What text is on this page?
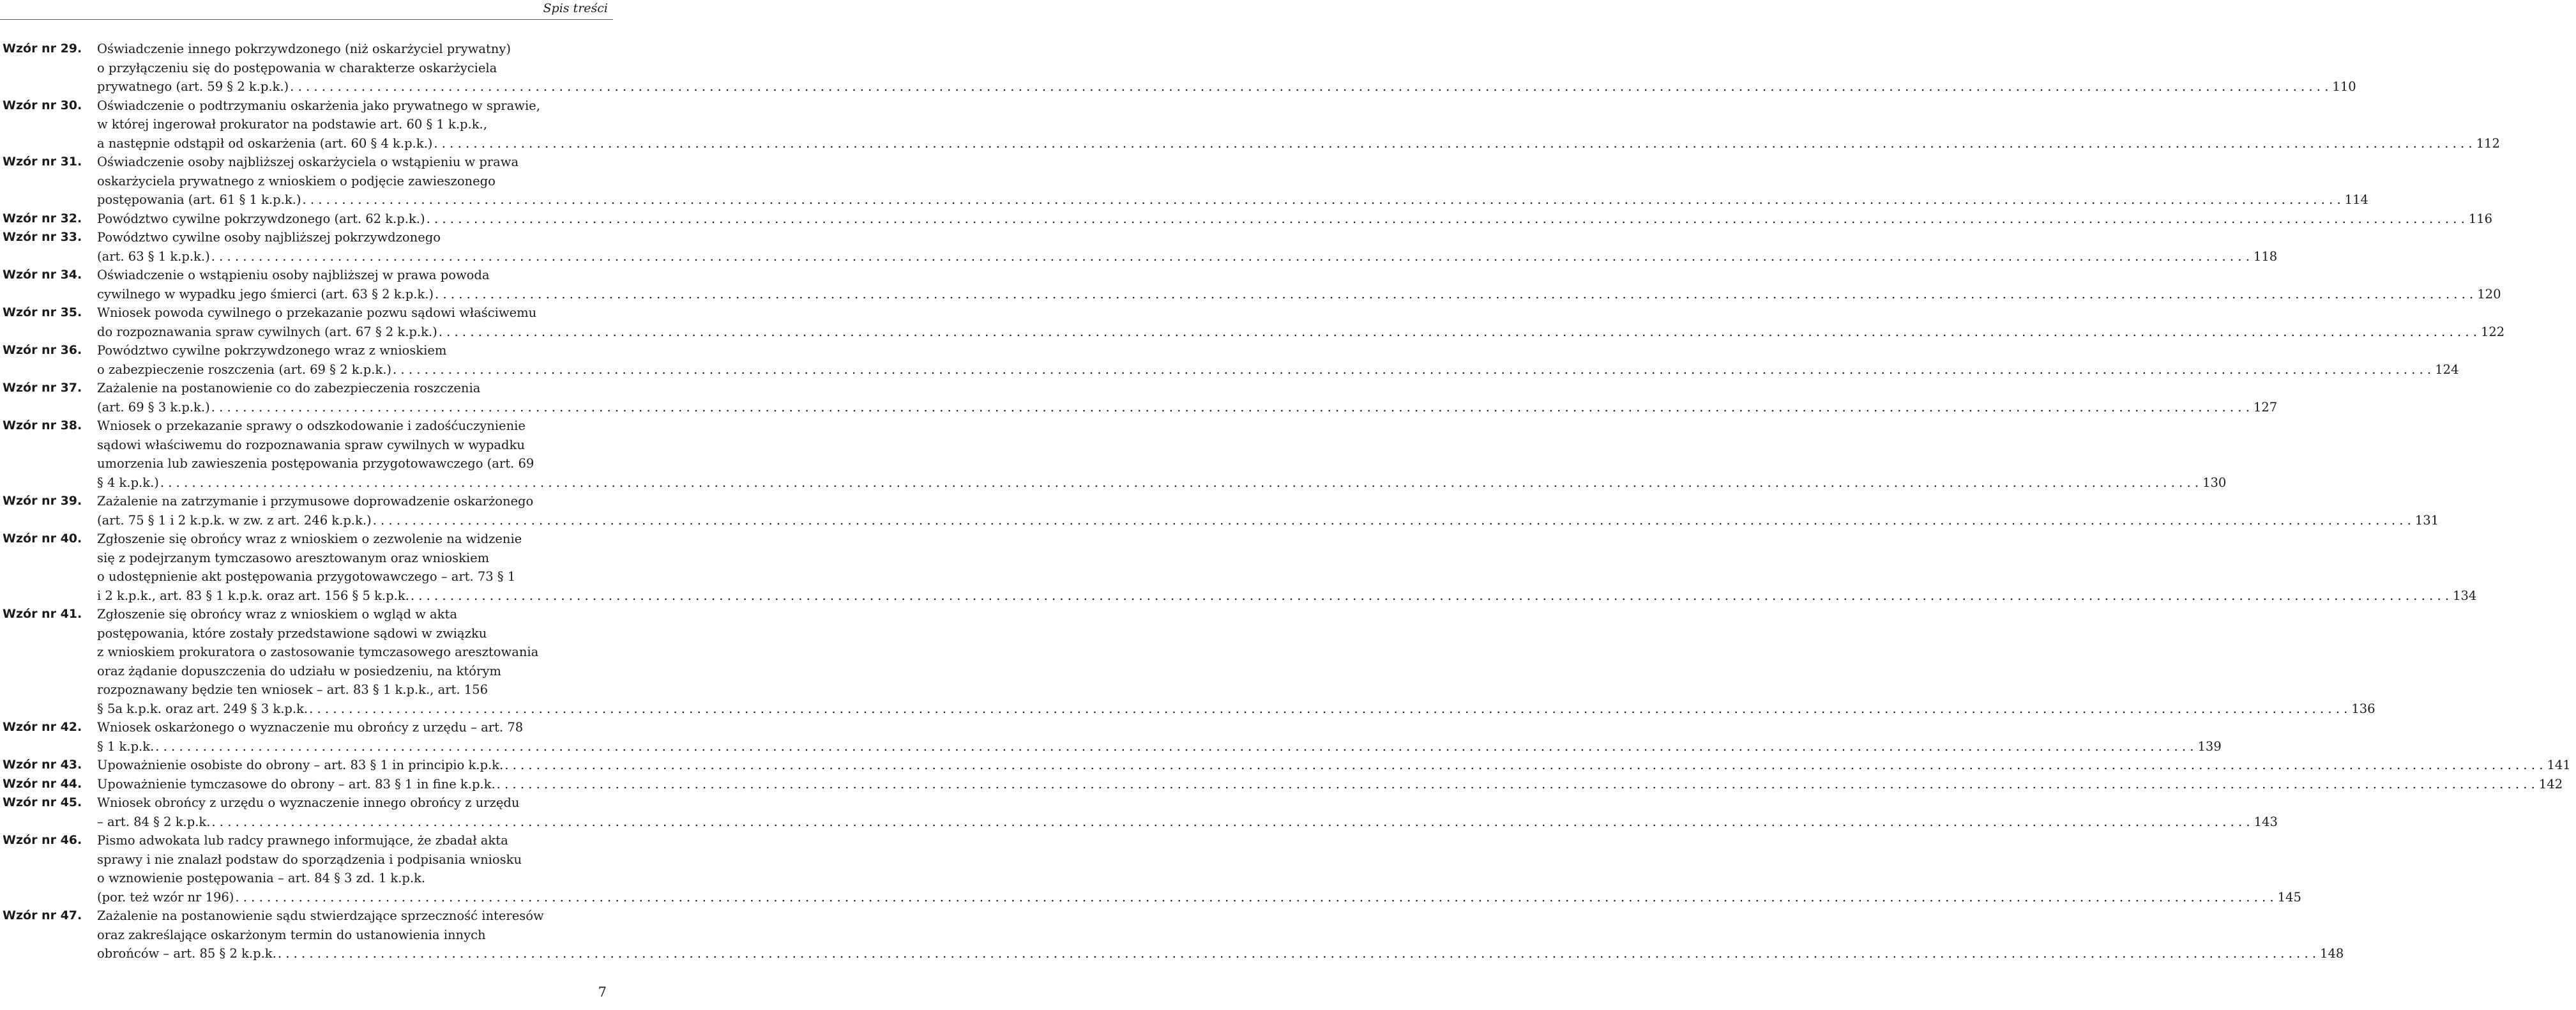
Spis treści
Wzór nr 29.	Oświadczenie innego pokrzywdzonego (niż oskarżyciel prywatny)
o przyłączeniu się do postępowania w charakterze oskarżyciela
prywatnego (art. 59 § 2 k.p.k.) . . .	110
Wzór nr 30.	Oświadczenie o podtrzymaniu oskarżenia jako prywatnego w sprawie,
w której ingerował prokurator na podstawie art. 60 § 1 k.p.k.,
a następnie odstąpił od oskarżenia (art. 60 § 4 k.p.k.) . . .	112
Wzór nr 31.	Oświadczenie osoby najbliższej oskarżyciela o wstąpieniu w prawa
oskarżyciela prywatnego z wnioskiem o podjęcie zawieszonego
postępowania (art. 61 § 1 k.p.k.) . . .	114
Wzór nr 32.	Powództwo cywilne pokrzywdzonego (art. 62 k.p.k.) . . .	116
Wzór nr 33.	Powództwo cywilne osoby najbliższej pokrzywdzonego
(art. 63 § 1 k.p.k.) . . .	118
Wzór nr 34.	Oświadczenie o wstąpieniu osoby najbliższej w prawa powoda
cywilnego w wypadku jego śmierci (art. 63 § 2 k.p.k.) . . .	120
Wzór nr 35.	Wniosek powoda cywilnego o przekazanie pozwu sądowi właściwemu
do rozpoznawania spraw cywilnych (art. 67 § 2 k.p.k.) . . .	122
Wzór nr 36.	Powództwo cywilne pokrzywdzonego wraz z wnioskiem
o zabezpieczenie roszczenia (art. 69 § 2 k.p.k.) . . .	124
Wzór nr 37.	Zażalenie na postanowienie co do zabezpieczenia roszczenia
(art. 69 § 3 k.p.k.) . . .	127
Wzór nr 38.	Wniosek o przekazanie sprawy o odszkodowanie i zadośćuczynienie
sądowi właściwemu do rozpoznawania spraw cywilnych w wypadku
umorzenia lub zawieszenia postępowania przygotowawczego (art. 69
§ 4 k.p.k.) . . .	130
Wzór nr 39.	Zażalenie na zatrzymanie i przymusowe doprowadzenie oskarżonego
(art. 75 § 1 i 2 k.p.k. w zw. z art. 246 k.p.k.) . . .	131
Wzór nr 40.	Zgłoszenie się obrońcy wraz z wnioskiem o zezwolenie na widzenie
się z podejrzanym tymczasowo aresztowanym oraz wnioskiem
o udostępnienie akt postępowania przygotowawczego – art. 73 § 1
i 2 k.p.k., art. 83 § 1 k.p.k. oraz art. 156 § 5 k.p.k. . . .	134
Wzór nr 41.	Zgłoszenie się obrońcy wraz z wnioskiem o wgląd w akta
postępowania, które zostały przedstawione sądowi w związku
z wnioskiem prokuratora o zastosowanie tymczasowego aresztowania
oraz żądanie dopuszczenia do udziału w posiedzeniu, na którym
rozpoznawany będzie ten wniosek – art. 83 § 1 k.p.k., art. 156
§ 5a k.p.k. oraz art. 249 § 3 k.p.k. . . .	136
Wzór nr 42.	Wniosek oskarżonego o wyznaczenie mu obrońcy z urzędu – art. 78
§ 1 k.p.k. . . .	139
Wzór nr 43.	Upoważnienie osobiste do obrony – art. 83 § 1 in principio k.p.k. . . .	141
Wzór nr 44.	Upoważnienie tymczasowe do obrony – art. 83 § 1 in fine k.p.k. . . .	142
Wzór nr 45.	Wniosek obrońcy z urzędu o wyznaczenie innego obrońcy z urzędu
– art. 84 § 2 k.p.k. . . .	143
Wzór nr 46.	Pismo adwokata lub radcy prawnego informujące, że zbadał akta
sprawy i nie znalazł podstaw do sporządzenia i podpisania wniosku
o wznowienie postępowania – art. 84 § 3 zd. 1 k.p.k.
(por. też wzór nr 196) . . .	145
Wzór nr 47.	Zażalenie na postanowienie sądu stwierdzające sprzeczność interesów
oraz zakreślające oskarżonym termin do ustanowienia innych
obrońców – art. 85 § 2 k.p.k. . . .	148
7
